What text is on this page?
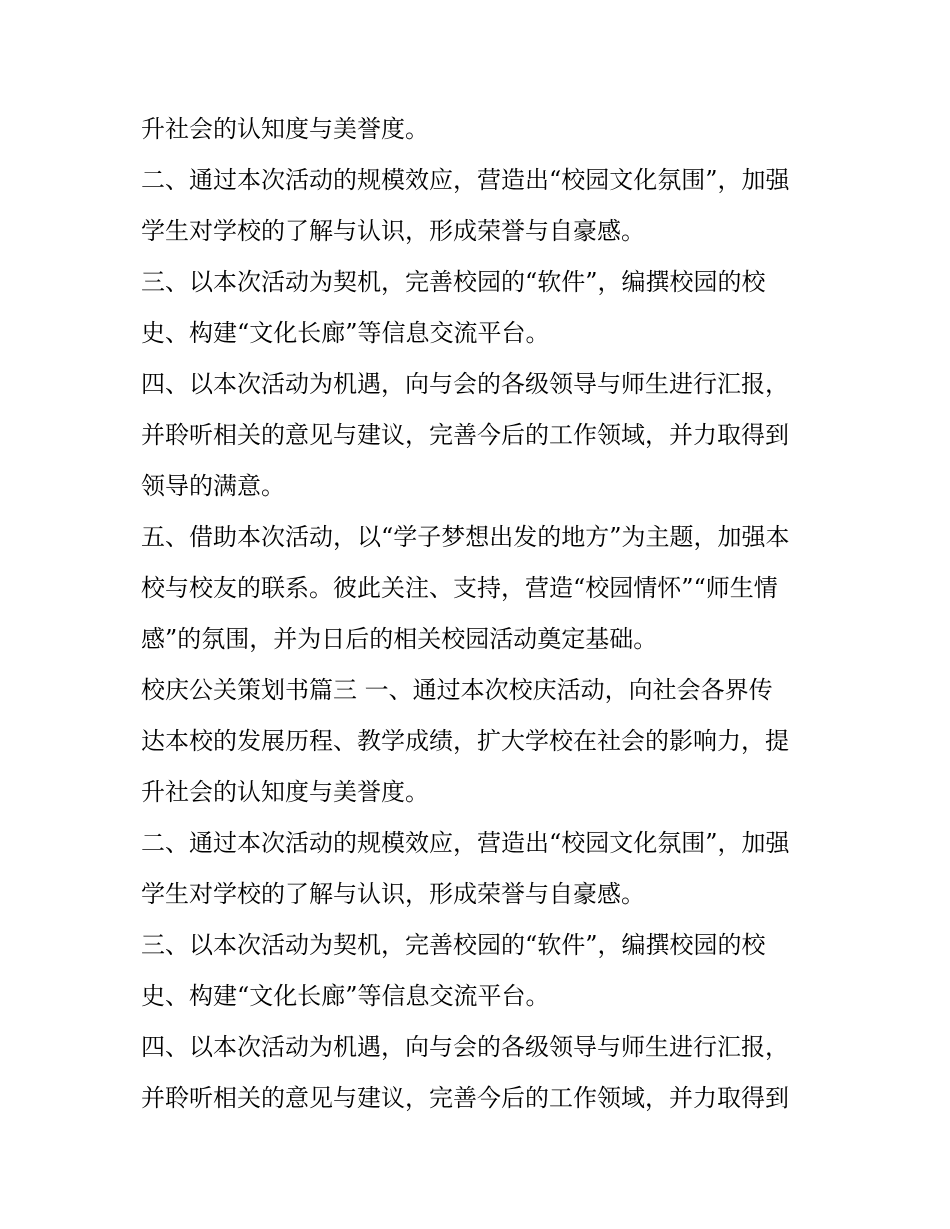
升社会的认知度与美誉度。
二、通过本次活动的规模效应，营造出“校园文化氛围”，加强
学生对学校的了解与认识，形成荣誉与自豪感。
三、以本次活动为契机，完善校园的“软件”，编撰校园的校
史、构建“文化长廊”等信息交流平台。
四、以本次活动为机遇，向与会的各级领导与师生进行汇报，
并聆听相关的意见与建议，完善今后的工作领域，并力取得到
领导的满意。
五、借助本次活动，以“学子梦想出发的地方”为主题，加强本
校与校友的联系。彼此关注、支持，营造“校园情怀”“师生情
感”的氛围，并为日后的相关校园活动奠定基础。
校庆公关策划书篇三 一、通过本次校庆活动，向社会各界传
达本校的发展历程、教学成绩，扩大学校在社会的影响力，提
升社会的认知度与美誉度。
二、通过本次活动的规模效应，营造出“校园文化氛围”，加强
学生对学校的了解与认识，形成荣誉与自豪感。
三、以本次活动为契机，完善校园的“软件”，编撰校园的校
史、构建“文化长廊”等信息交流平台。
四、以本次活动为机遇，向与会的各级领导与师生进行汇报，
并聆听相关的意见与建议，完善今后的工作领域，并力取得到
